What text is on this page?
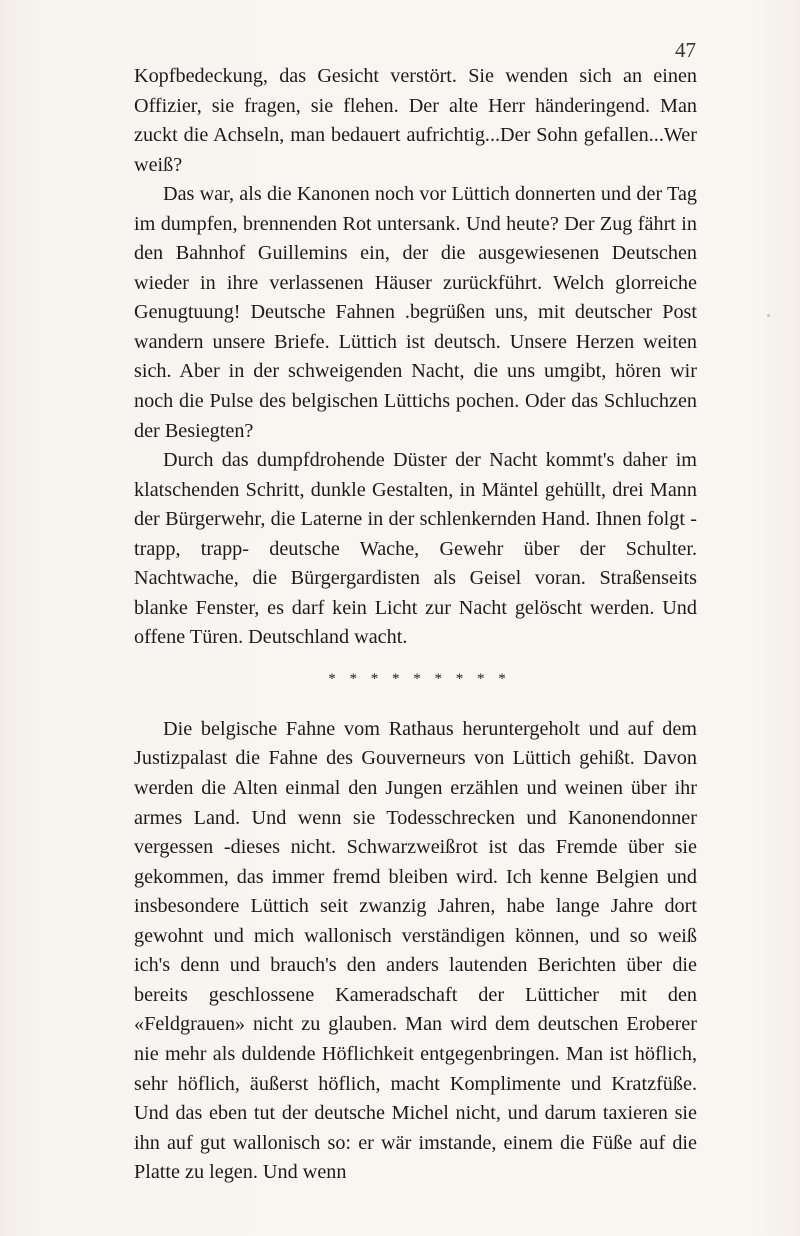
47

Kopfbedeckung, das Gesicht verstört. Sie wenden sich an einen Offizier, sie fragen, sie flehen. Der alte Herr händeringend. Man zuckt die Achseln, man bedauert aufrichtig...Der Sohn gefallen...Wer weiß?

Das war, als die Kanonen noch vor Lüttich donnerten und der Tag im dumpfen, brennenden Rot untersank. Und heute? Der Zug fährt in den Bahnhof Guillemins ein, der die ausgewiesenen Deutschen wieder in ihre verlassenen Häuser zurückführt. Welch glorreiche Genugtuung! Deutsche Fahnen .begrüßen uns, mit deutscher Post wandern unsere Briefe. Lüttich ist deutsch. Unsere Herzen weiten sich. Aber in der schweigenden Nacht, die uns umgibt, hören wir noch die Pulse des belgischen Lüttichs pochen. Oder das Schluchzen der Besiegten?

Durch das dumpfdrohende Düster der Nacht kommt's daher im klatschenden Schritt, dunkle Gestalten, in Mäntel gehüllt, drei Mann der Bürgerwehr, die Laterne in der schlenkernden Hand. Ihnen folgt -trapp, trapp- deutsche Wache, Gewehr über der Schulter. Nachtwache, die Bürgergardisten als Geisel voran. Straßenseits blanke Fenster, es darf kein Licht zur Nacht gelöscht werden. Und offene Türen. Deutschland wacht.

* * * * * * * * *

Die belgische Fahne vom Rathaus heruntergeholt und auf dem Justizpalast die Fahne des Gouverneurs von Lüttich gehißt. Davon werden die Alten einmal den Jungen erzählen und weinen über ihr armes Land. Und wenn sie Todesschrecken und Kanonendonner vergessen -dieses nicht. Schwarzweißrot ist das Fremde über sie gekommen, das immer fremd bleiben wird. Ich kenne Belgien und insbesondere Lüttich seit zwanzig Jahren, habe lange Jahre dort gewohnt und mich wallonisch verständigen können, und so weiß ich's denn und brauch's den anders lautenden Berichten über die bereits geschlossene Kameradschaft der Lütticher mit den «Feldgrauen» nicht zu glauben. Man wird dem deutschen Eroberer nie mehr als duldende Höflichkeit entgegenbringen. Man ist höflich, sehr höflich, äußerst höflich, macht Komplimente und Kratzfüße. Und das eben tut der deutsche Michel nicht, und darum taxieren sie ihn auf gut wallonisch so: er wär imstande, einem die Füße auf die Platte zu legen. Und wenn
